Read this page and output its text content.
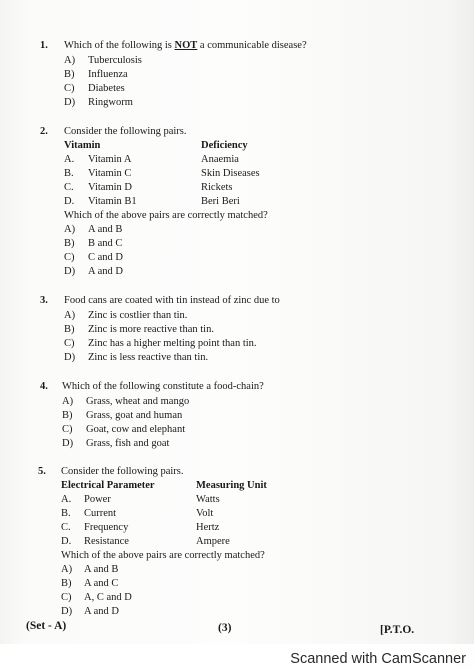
1. Which of the following is NOT a communicable disease?
A) Tuberculosis
B) Influenza
C) Diabetes
D) Ringworm
2. Consider the following pairs.
Vitamin	Deficiency
A. Vitamin A	Anaemia
B. Vitamin C	Skin Diseases
C. Vitamin D	Rickets
D. Vitamin B1	Beri Beri
Which of the above pairs are correctly matched?
A) A and B
B) B and C
C) C and D
D) A and D
3. Food cans are coated with tin instead of zinc due to
A) Zinc is costlier than tin.
B) Zinc is more reactive than tin.
C) Zinc has a higher melting point than tin.
D) Zinc is less reactive than tin.
4. Which of the following constitute a food-chain?
A) Grass, wheat and mango
B) Grass, goat and human
C) Goat, cow and elephant
D) Grass, fish and goat
5. Consider the following pairs.
Electrical Parameter	Measuring Unit
A. Power	Watts
B. Current	Volt
C. Frequency	Hertz
D. Resistance	Ampere
Which of the above pairs are correctly matched?
A) A and B
B) A and C
C) A, C and D
D) A and D
(Set - A)	(3)	[P.T.O.
Scanned with CamScanner
